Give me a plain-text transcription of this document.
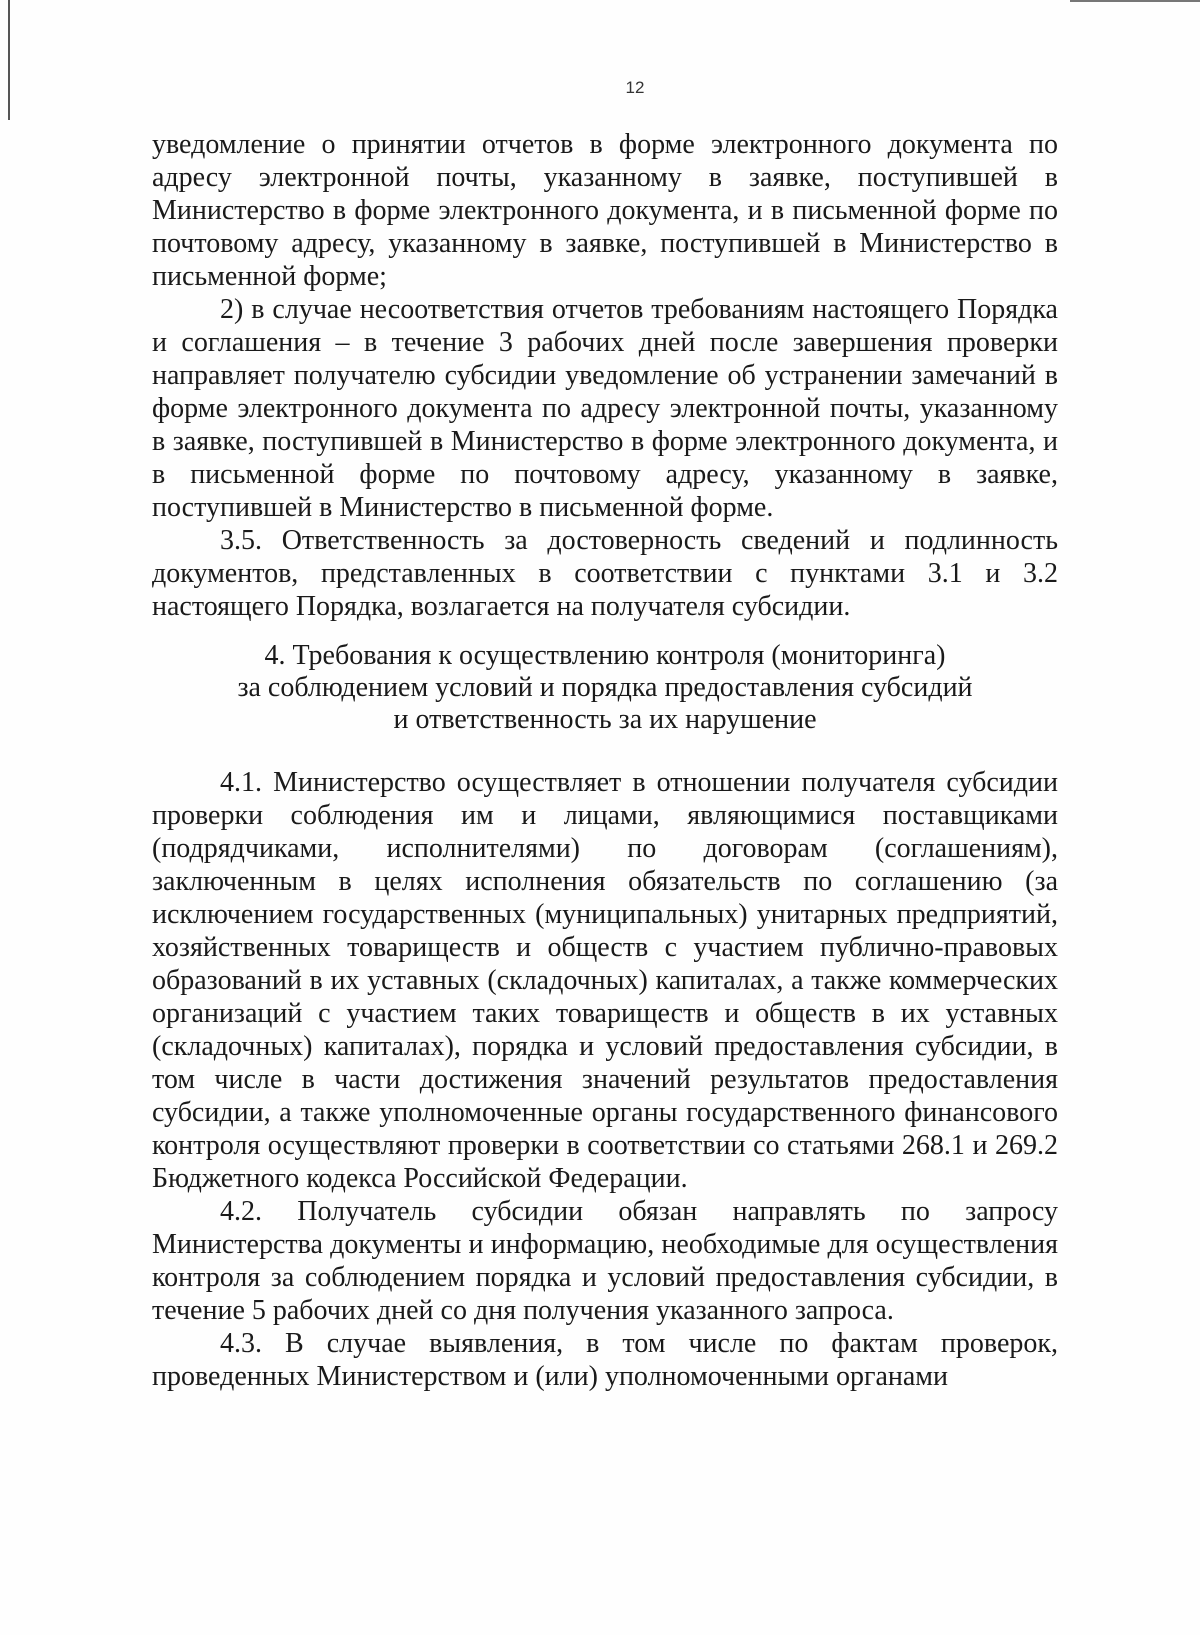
12

уведомление о принятии отчетов в форме электронного документа по адресу электронной почты, указанному в заявке, поступившей в Министерство в форме электронного документа, и в письменной форме по почтовому адресу, указанному в заявке, поступившей в Министерство в письменной форме;

2) в случае несоответствия отчетов требованиям настоящего Порядка и соглашения – в течение 3 рабочих дней после завершения проверки направляет получателю субсидии уведомление об устранении замечаний в форме электронного документа по адресу электронной почты, указанному в заявке, поступившей в Министерство в форме электронного документа, и в письменной форме по почтовому адресу, указанному в заявке, поступившей в Министерство в письменной форме.

3.5. Ответственность за достоверность сведений и подлинность документов, представленных в соответствии с пунктами 3.1 и 3.2 настоящего Порядка, возлагается на получателя субсидии.

4. Требования к осуществлению контроля (мониторинга)
за соблюдением условий и порядка предоставления субсидий
и ответственность за их нарушение

4.1. Министерство осуществляет в отношении получателя субсидии проверки соблюдения им и лицами, являющимися поставщиками (подрядчиками, исполнителями) по договорам (соглашениям), заключенным в целях исполнения обязательств по соглашению (за исключением государственных (муниципальных) унитарных предприятий, хозяйственных товариществ и обществ с участием публично-правовых образований в их уставных (складочных) капиталах, а также коммерческих организаций с участием таких товариществ и обществ в их уставных (складочных) капиталах), порядка и условий предоставления субсидии, в том числе в части достижения значений результатов предоставления субсидии, а также уполномоченные органы государственного финансового контроля осуществляют проверки в соответствии со статьями 268.1 и 269.2 Бюджетного кодекса Российской Федерации.

4.2. Получатель субсидии обязан направлять по запросу Министерства документы и информацию, необходимые для осуществления контроля за соблюдением порядка и условий предоставления субсидии, в течение 5 рабочих дней со дня получения указанного запроса.

4.3. В случае выявления, в том числе по фактам проверок, проведенных Министерством и (или) уполномоченными органами
